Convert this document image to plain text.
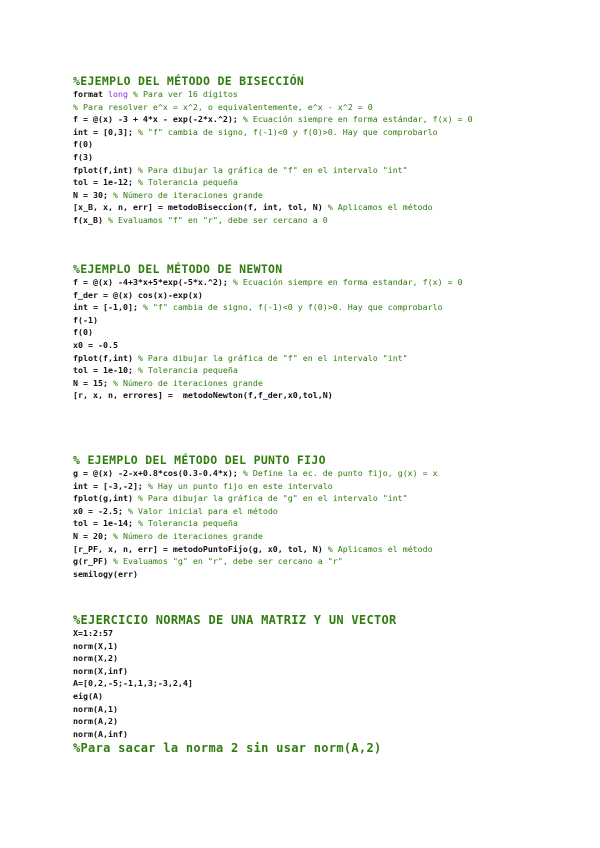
%EJEMPLO DEL MÉTODO DE BISECCIÓN
format long % Para ver 16 dígitos
% Para resolver e^x = x^2, o equivalentemente, e^x - x^2 = 0
f = @(x) -3 + 4*x - exp(-2*x.^2); % Ecuación siempre en forma estándar, f(x) = 0
int = [0,3]; % "f" cambia de signo, f(-1)<0 y f(0)>0. Hay que comprobarlo
f(0)
f(3)
fplot(f,int) % Para dibujar la gráfica de "f" en el intervalo "int"
tol = 1e-12; % Tolerancia pequeña
N = 30; % Número de iteraciones grande
[x_B, x, n, err] = metodoBiseccion(f, int, tol, N) % Aplicamos el método
f(x_B) % Evaluamos "f" en "r", debe ser cercano a 0
%EJEMPLO DEL MÉTODO DE NEWTON
f = @(x) -4+3*x+5*exp(-5*x.^2); % Ecuación siempre en forma estandar, f(x) = 0
f_der = @(x) cos(x)-exp(x)
int = [-1,0]; % "f" cambia de signo, f(-1)<0 y f(0)>0. Hay que comprobarlo
f(-1)
f(0)
x0 = -0.5
fplot(f,int) % Para dibujar la gráfica de "f" en el intervalo "int"
tol = 1e-10; % Tolerancia pequeña
N = 15; % Número de iteraciones grande
[r, x, n, errores] =  metodoNewton(f,f_der,x0,tol,N)
% EJEMPLO DEL MÉTODO DEL PUNTO FIJO
g = @(x) -2-x+0.8*cos(0.3-0.4*x); % Define la ec. de punto fijo, g(x) = x
int = [-3,-2]; % Hay un punto fijo en este intervalo
fplot(g,int) % Para dibujar la gráfica de "g" en el intervalo "int"
x0 = -2.5; % Valor inicial para el método
tol = 1e-14; % Tolerancia pequeña
N = 20; % Número de iteraciones grande
[r_PF, x, n, err] = metodoPuntoFijo(g, x0, tol, N) % Aplicamos el método
g(r_PF) % Evaluamos "g" en "r", debe ser cercano a "r"
semilogy(err)
%EJERCICIO NORMAS DE UNA MATRIZ Y UN VECTOR
X=1:2:57
norm(X,1)
norm(X,2)
norm(X,inf)
A=[0,2,-5;-1,1,3;-3,2,4]
eig(A)
norm(A,1)
norm(A,2)
norm(A,inf)
%Para sacar la norma 2 sin usar norm(A,2)
